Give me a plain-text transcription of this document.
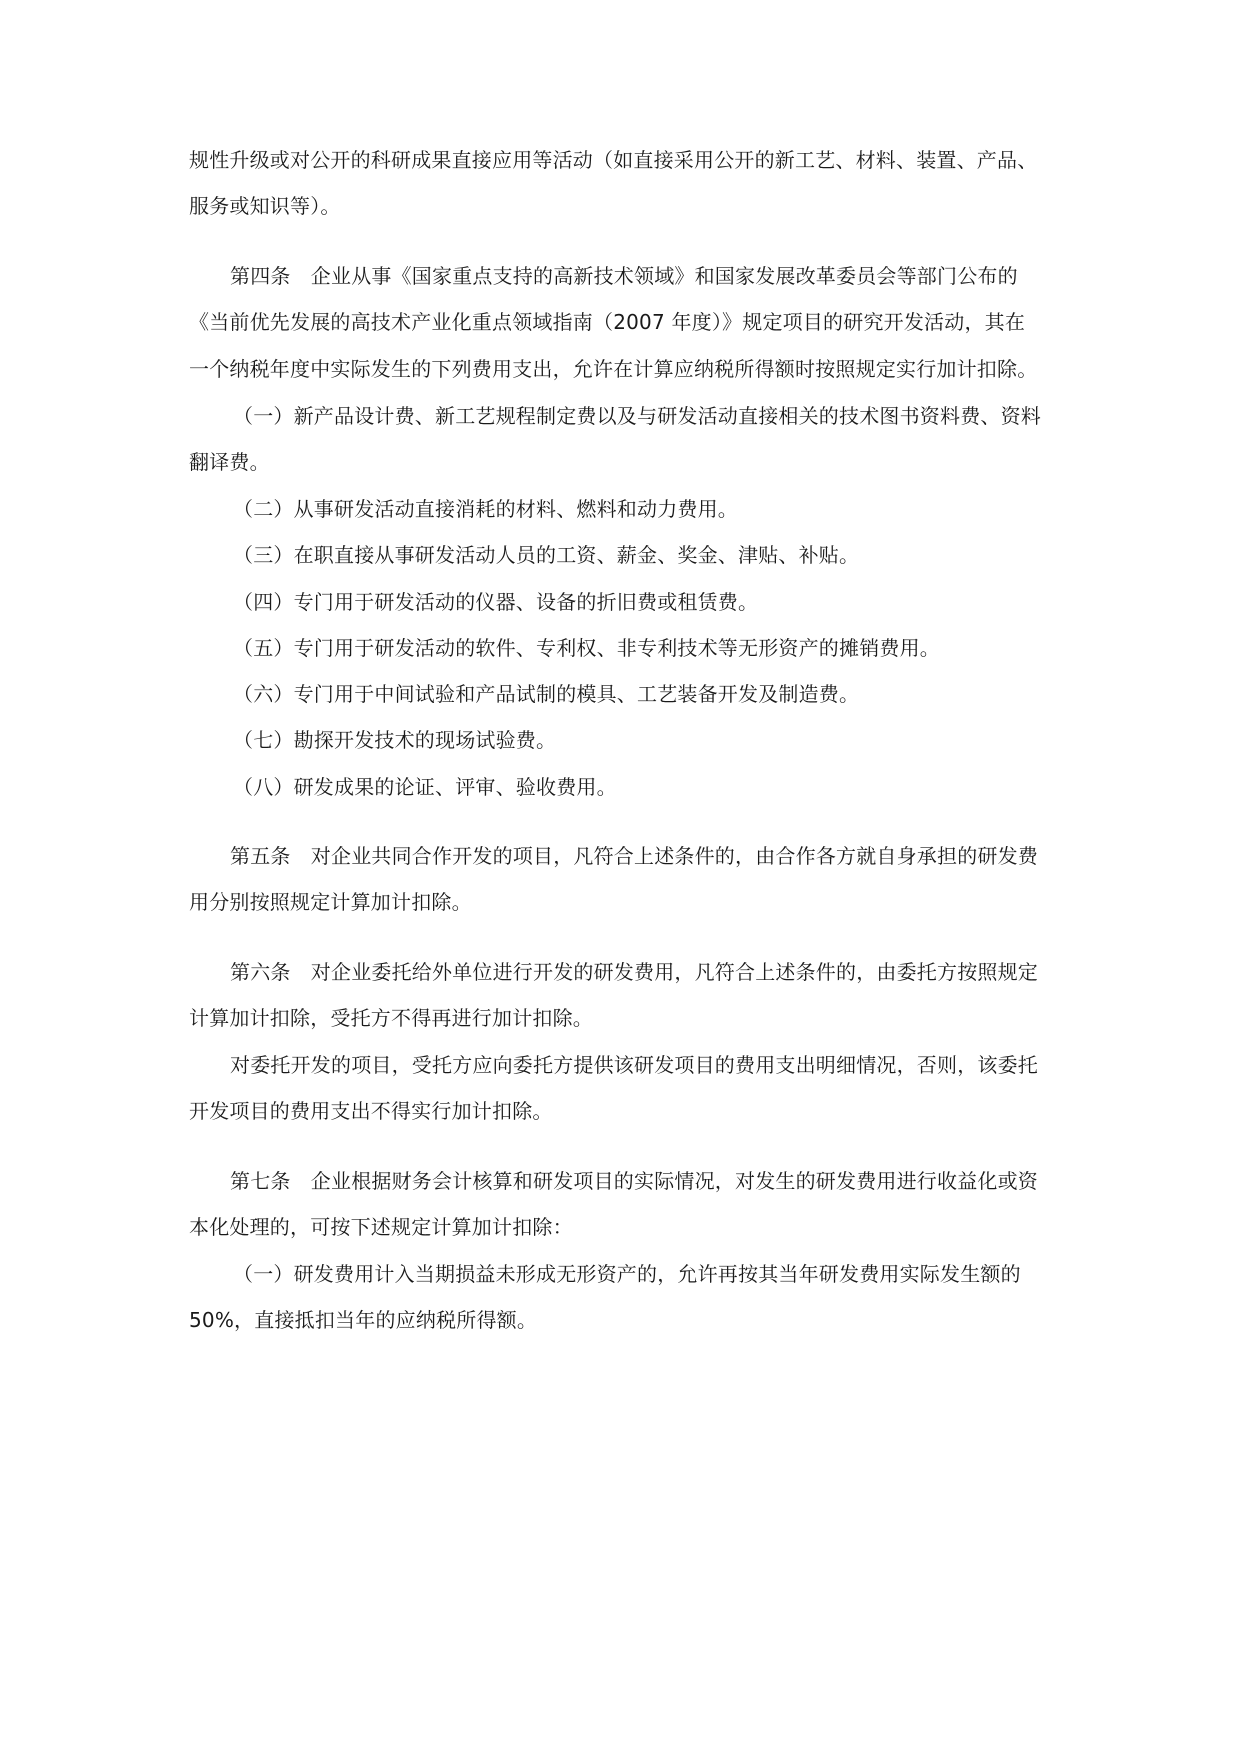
规性升级或对公开的科研成果直接应用等活动（如直接采用公开的新工艺、材料、装置、产品、
服务或知识等）。
第四条　企业从事《国家重点支持的高新技术领域》和国家发展改革委员会等部门公布的
《当前优先发展的高技术产业化重点领域指南（2007 年度）》规定项目的研究开发活动，其在
一个纳税年度中实际发生的下列费用支出，允许在计算应纳税所得额时按照规定实行加计扣除。
（一）新产品设计费、新工艺规程制定费以及与研发活动直接相关的技术图书资料费、资料
翻译费。
（二）从事研发活动直接消耗的材料、燃料和动力费用。
（三）在职直接从事研发活动人员的工资、薪金、奖金、津贴、补贴。
（四）专门用于研发活动的仪器、设备的折旧费或租赁费。
（五）专门用于研发活动的软件、专利权、非专利技术等无形资产的摊销费用。
（六）专门用于中间试验和产品试制的模具、工艺装备开发及制造费。
（七）勘探开发技术的现场试验费。
（八）研发成果的论证、评审、验收费用。
第五条　对企业共同合作开发的项目，凡符合上述条件的，由合作各方就自身承担的研发费
用分别按照规定计算加计扣除。
第六条　对企业委托给外单位进行开发的研发费用，凡符合上述条件的，由委托方按照规定
计算加计扣除，受托方不得再进行加计扣除。
对委托开发的项目，受托方应向委托方提供该研发项目的费用支出明细情况，否则，该委托
开发项目的费用支出不得实行加计扣除。
第七条　企业根据财务会计核算和研发项目的实际情况，对发生的研发费用进行收益化或资
本化处理的，可按下述规定计算加计扣除：
（一）研发费用计入当期损益未形成无形资产的，允许再按其当年研发费用实际发生额的
50%，直接抵扣当年的应纳税所得额。
